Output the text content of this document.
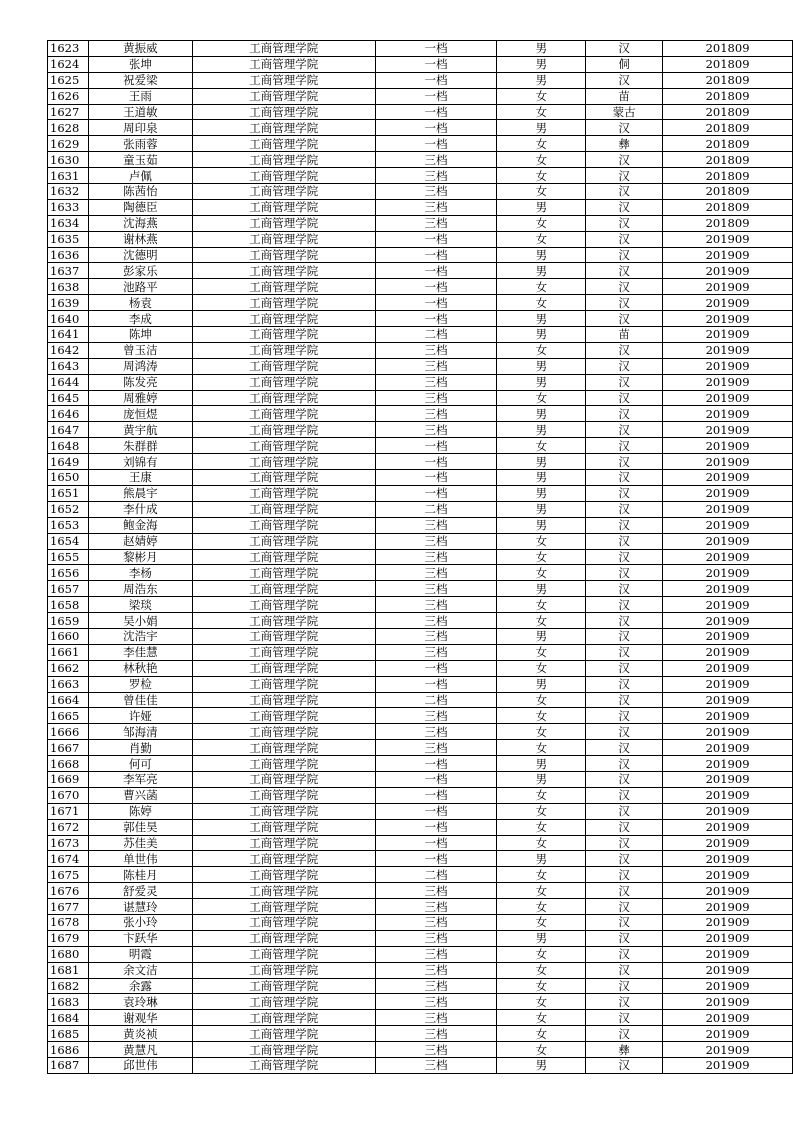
1623	黄振威	工商管理学院	一档	男	汉	201809
1624	张坤	工商管理学院	一档	男	侗	201809
1625	祝爱梁	工商管理学院	一档	男	汉	201809
1626	王雨	工商管理学院	一档	女	苗	201809
1627	王道敏	工商管理学院	一档	女	蒙古	201809
1628	周印泉	工商管理学院	一档	男	汉	201809
1629	张雨蓉	工商管理学院	一档	女	彝	201809
1630	童玉茹	工商管理学院	三档	女	汉	201809
1631	卢佩	工商管理学院	三档	女	汉	201809
1632	陈茜怡	工商管理学院	三档	女	汉	201809
1633	陶德臣	工商管理学院	三档	男	汉	201809
1634	沈海燕	工商管理学院	三档	女	汉	201809
1635	谢林燕	工商管理学院	一档	女	汉	201909
1636	沈德明	工商管理学院	一档	男	汉	201909
1637	彭家乐	工商管理学院	一档	男	汉	201909
1638	池路平	工商管理学院	一档	女	汉	201909
1639	杨袁	工商管理学院	一档	女	汉	201909
1640	李成	工商管理学院	一档	男	汉	201909
1641	陈坤	工商管理学院	二档	男	苗	201909
1642	曾玉洁	工商管理学院	三档	女	汉	201909
1643	周鸿涛	工商管理学院	三档	男	汉	201909
1644	陈发亮	工商管理学院	三档	男	汉	201909
1645	周雅婷	工商管理学院	三档	女	汉	201909
1646	庞恒煜	工商管理学院	三档	男	汉	201909
1647	黄宇航	工商管理学院	三档	男	汉	201909
1648	朱群群	工商管理学院	一档	女	汉	201909
1649	刘锦有	工商管理学院	一档	男	汉	201909
1650	王康	工商管理学院	一档	男	汉	201909
1651	熊晨宇	工商管理学院	一档	男	汉	201909
1652	李什成	工商管理学院	二档	男	汉	201909
1653	鲍金海	工商管理学院	三档	男	汉	201909
1654	赵婧婷	工商管理学院	三档	女	汉	201909
1655	黎彬月	工商管理学院	三档	女	汉	201909
1656	李杨	工商管理学院	三档	女	汉	201909
1657	周浩东	工商管理学院	三档	男	汉	201909
1658	梁琰	工商管理学院	三档	女	汉	201909
1659	吴小娟	工商管理学院	三档	女	汉	201909
1660	沈浩宇	工商管理学院	三档	男	汉	201909
1661	李佳慧	工商管理学院	三档	女	汉	201909
1662	林秋艳	工商管理学院	一档	女	汉	201909
1663	罗检	工商管理学院	一档	男	汉	201909
1664	曾佳佳	工商管理学院	二档	女	汉	201909
1665	许娅	工商管理学院	三档	女	汉	201909
1666	邹海清	工商管理学院	三档	女	汉	201909
1667	肖勤	工商管理学院	三档	女	汉	201909
1668	何可	工商管理学院	一档	男	汉	201909
1669	李军亮	工商管理学院	一档	男	汉	201909
1670	曹兴菡	工商管理学院	一档	女	汉	201909
1671	陈婷	工商管理学院	一档	女	汉	201909
1672	郭佳昊	工商管理学院	一档	女	汉	201909
1673	苏佳美	工商管理学院	一档	女	汉	201909
1674	单世伟	工商管理学院	一档	男	汉	201909
1675	陈桂月	工商管理学院	二档	女	汉	201909
1676	舒爱灵	工商管理学院	三档	女	汉	201909
1677	谌慧玲	工商管理学院	三档	女	汉	201909
1678	张小玲	工商管理学院	三档	女	汉	201909
1679	卞跃华	工商管理学院	三档	男	汉	201909
1680	明霞	工商管理学院	三档	女	汉	201909
1681	余文洁	工商管理学院	三档	女	汉	201909
1682	余露	工商管理学院	三档	女	汉	201909
1683	袁玲琳	工商管理学院	三档	女	汉	201909
1684	谢观华	工商管理学院	三档	女	汉	201909
1685	黄炎祯	工商管理学院	三档	女	汉	201909
1686	黄慧凡	工商管理学院	三档	女	彝	201909
1687	邱世伟	工商管理学院	三档	男	汉	201909
